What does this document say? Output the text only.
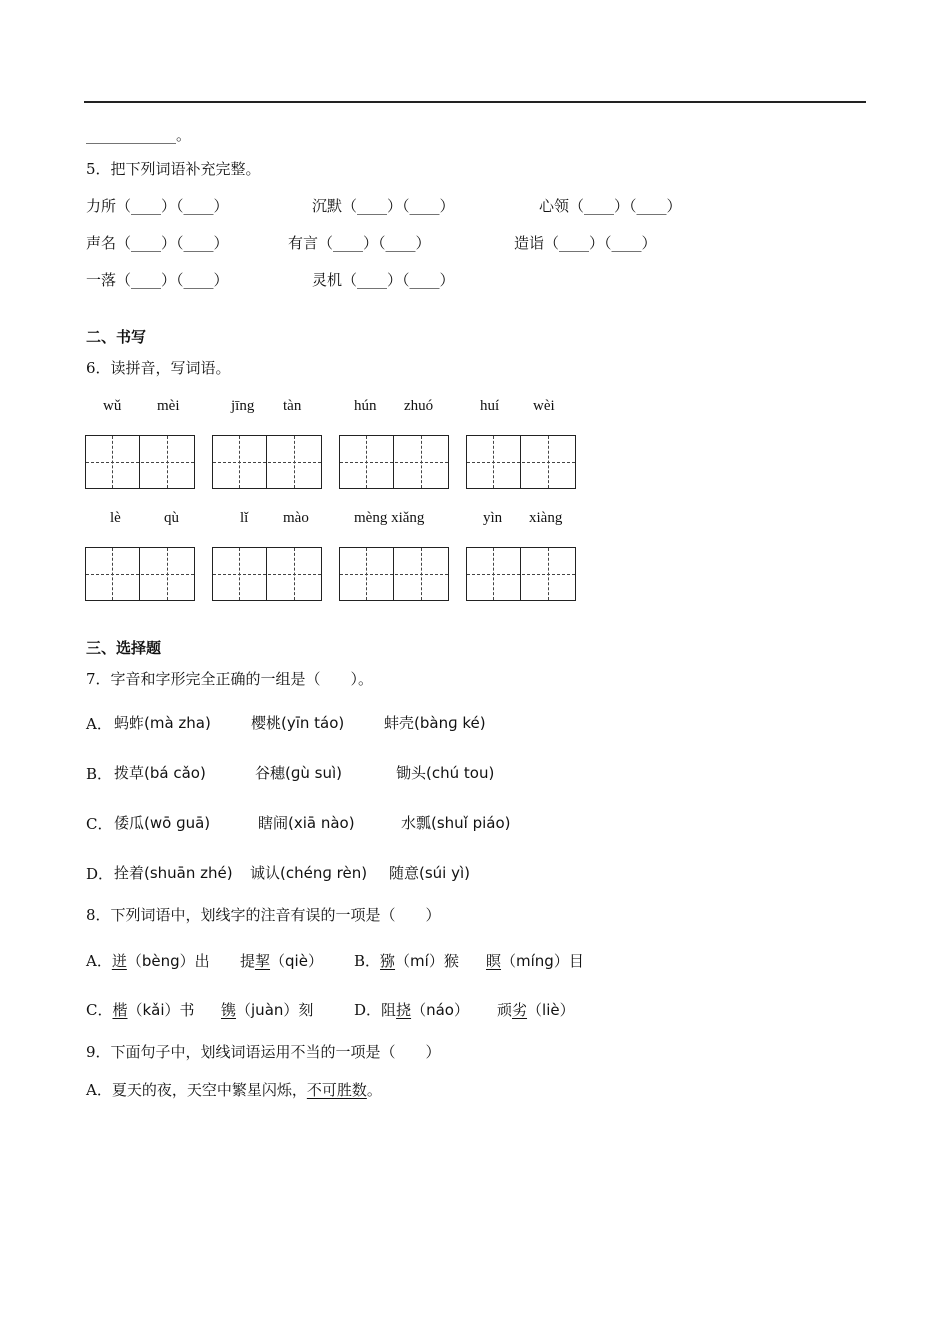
____________。
5．把下列词语补充完整。
力所（____）（____）	沉默（____）（____）	心领（____）（____）
声名（____）（____）	有言（____）（____）	造诣（____）（____）
一落（____）（____）	灵机（____）（____）
二、书写
6．读拼音，写词语。
wǔ mèi	jīng tàn	hún zhuó	huí wèi
lè	qù	lǐ mào	mèng xiǎng	yìn xiàng
三、选择题
7．字音和字形完全正确的一组是（　　）。
A． 蚂蚱(mà zha)	樱桃(yīn táo)	蚌壳(bànɡ ké)
B． 拨草(bá cǎo)	谷穗(ɡù suì)	锄头(chú tou)
C． 倭瓜(wō ɡuā)	瞎闹(xiā nào)	水瓢(shuǐ piáo)
D． 拴着(shuān zhé) 诚认(chénɡ rèn) 随意(súi yì)
8．下列词语中，划线字的注音有误的一项是（　　）
A．迸（bèng）出 提挈（qiè） B．猕（mí）猴 瞑（míng）目
C．楷（kǎi）书 镌（juàn）刻	D．阻挠（náo） 顽劣（liè）
9．下面句子中，划线词语运用不当的一项是（　　）
A．夏天的夜，天空中繁星闪烁，不可胜数。
